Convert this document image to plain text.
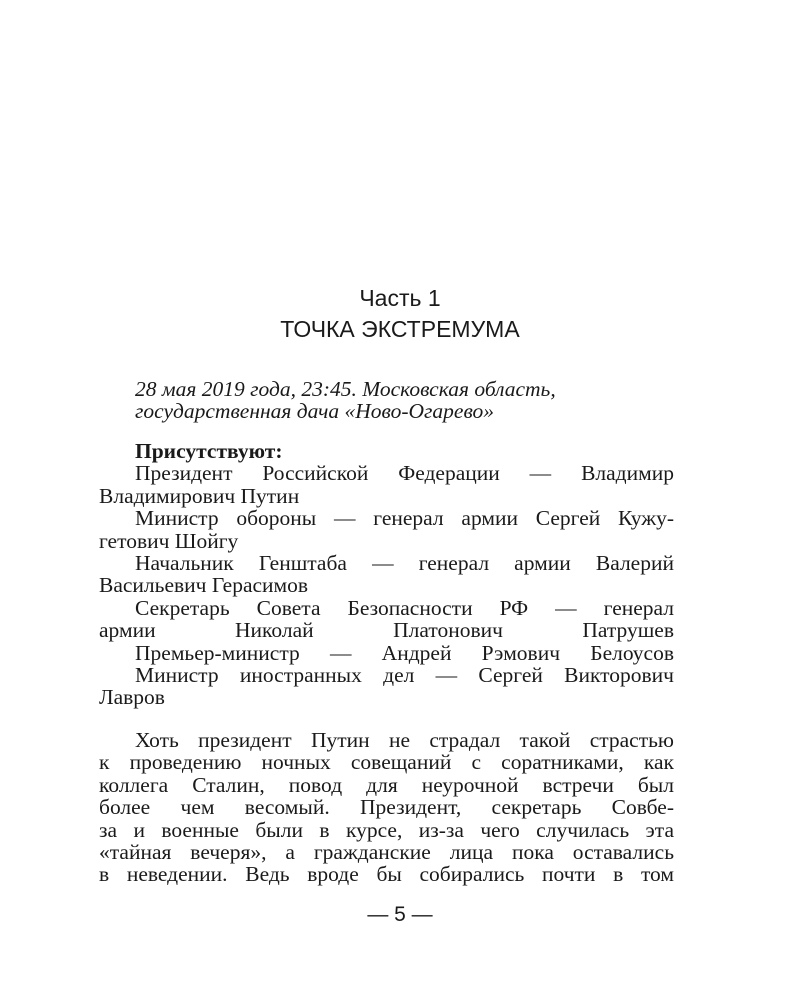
Часть 1
ТОЧКА ЭКСТРЕМУМА
28 мая 2019 года, 23:45. Московская область,
государственная дача «Ново-Огарево»
Присутствуют:
Президент Российской Федерации — Владимир
Владимирович Путин
Министр обороны — генерал армии Сергей Кужу-
гетович Шойгу
Начальник Генштаба — генерал армии Валерий
Васильевич Герасимов
Секретарь Совета Безопасности РФ — генерал
армии Николай Платонович Патрушев
Премьер-министр — Андрей Рэмович Белоусов
Министр иностранных дел — Сергей Викторович
Лавров
Хоть президент Путин не страдал такой страстью
к проведению ночных совещаний с соратниками, как
коллега Сталин, повод для неурочной встречи был
более чем весомый. Президент, секретарь Совбе-
за и военные были в курсе, из-за чего случилась эта
«тайная вечеря», а гражданские лица пока оставались
в неведении. Ведь вроде бы собирались почти в том
— 5 —
